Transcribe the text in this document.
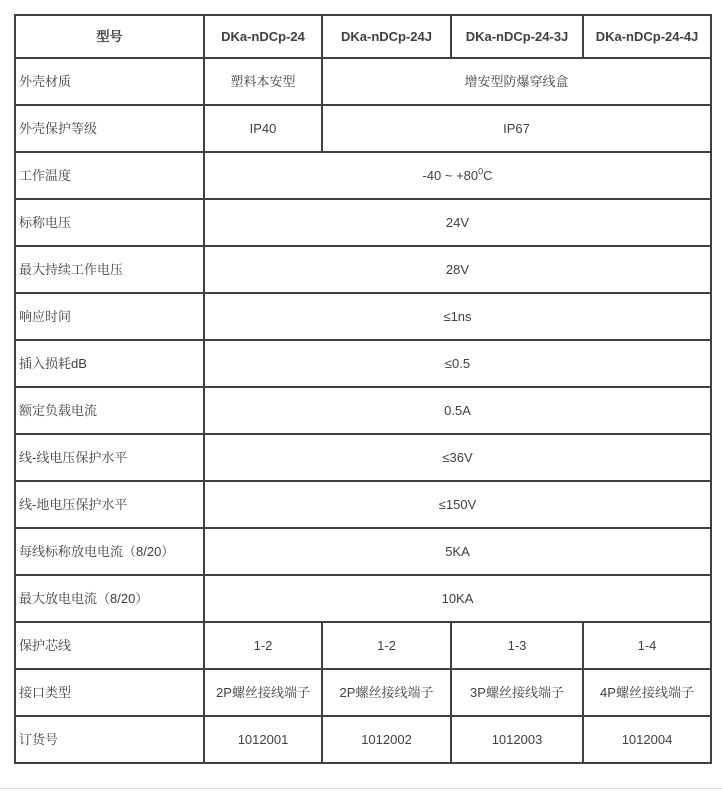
型号	DKa-nDCp-24	DKa-nDCp-24J	DKa-nDCp-24-3J	DKa-nDCp-24-4J
外壳材质	塑料本安型	增安型防爆穿线盒		
外壳保护等级	IP40	IP67		
工作温度	-40 ~ $+80^0C$			
标称电压	24V			
最大持续工作电压	28V			
响应时间	≤1ns			
插入损耗dB	≤0.5			
额定负载电流	0.5A			
线-线电压保护水平	≤36V			
线-地电压保护水平	≤150V			
每线标称放电电流（8/20）	5KA			
最大放电电流（8/20）	10KA			
保护芯线	1-2	1-2	1-3	1-4
接口类型	2P螺丝接线端子	2P螺丝接线端子	3P螺丝接线端子	4P螺丝接线端子
订货号	1012001	1012002	1012003	1012004
